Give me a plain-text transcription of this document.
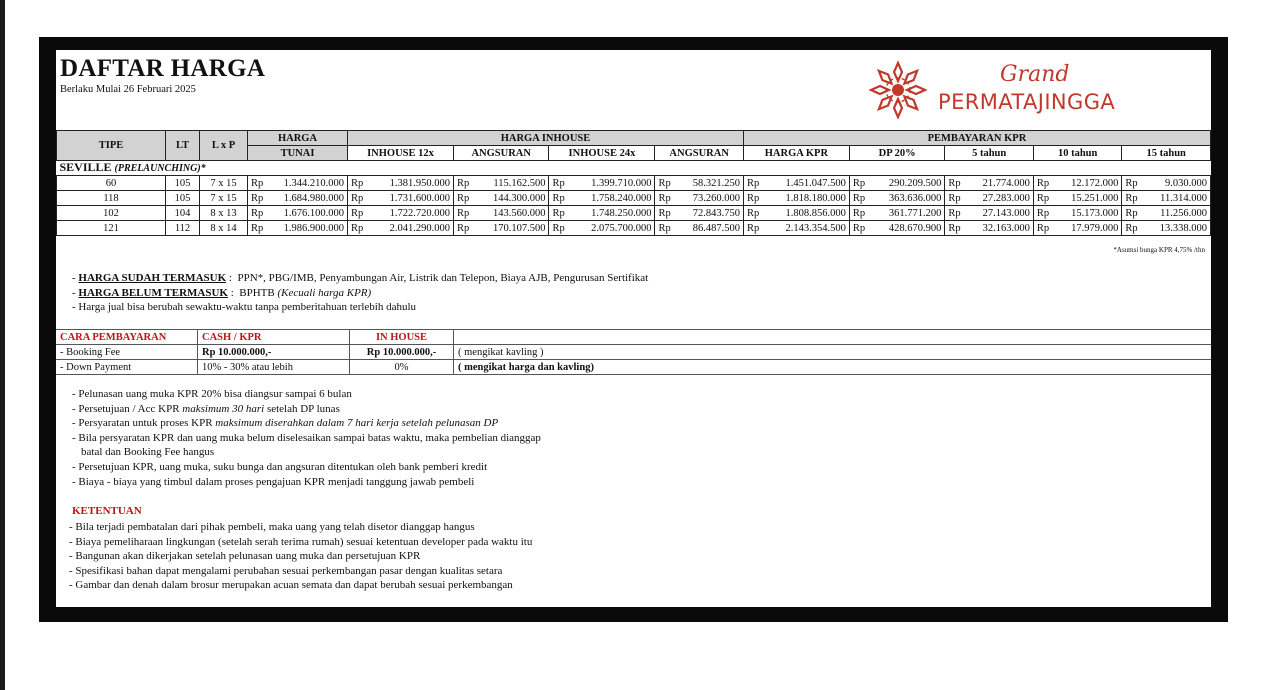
DAFTAR HARGA
Berlaku Mulai 26 Februari 2025
Grand
PERMATAJINGGA
TIPE	LT	L x P	HARGA	HARGA INHOUSE				PEMBAYARAN KPR				
			TUNAI	INHOUSE 12x	ANGSURAN	INHOUSE 24x	ANGSURAN	HARGA KPR	DP 20%	5 tahun	10 tahun	15 tahun
SEVILLE (PRELAUNCHING)*												
60	105	7 x 15	Rp 1.344.210.000	Rp 1.381.950.000	Rp 115.162.500	Rp 1.399.710.000	Rp 58.321.250	Rp 1.451.047.500	Rp 290.209.500	Rp 21.774.000	Rp 12.172.000	Rp 9.030.000

118	105	7 x 15	Rp 1.684.980.000	Rp 1.731.600.000	Rp 144.300.000	Rp 1.758.240.000	Rp 73.260.000	Rp 1.818.180.000	Rp 363.636.000	Rp 27.283.000	Rp 15.251.000	Rp 11.314.000

102	104	8 x 13	Rp 1.676.100.000	Rp 1.722.720.000	Rp 143.560.000	Rp 1.748.250.000	Rp 72.843.750	Rp 1.808.856.000	Rp 361.771.200	Rp 27.143.000	Rp 15.173.000	Rp 11.256.000

121	112	8 x 14	Rp 1.986.900.000	Rp 2.041.290.000	Rp 170.107.500	Rp 2.075.700.000	Rp 86.487.500	Rp 2.143.354.500	Rp 428.670.900	Rp 32.163.000	Rp 17.979.000	Rp 13.338.000
*Asumsi bunga KPR 4,75% /thn
- HARGA SUDAH TERMASUK :  PPN*, PBG/IMB, Penyambungan Air, Listrik dan Telepon, Biaya AJB, Pengurusan Sertifikat
- HARGA BELUM TERMASUK :  BPHTB (Kecuali harga KPR)
- Harga jual bisa berubah sewaktu-waktu tanpa pemberitahuan terlebih dahulu
CARA PEMBAYARAN	CASH / KPR	IN HOUSE	
- Booking Fee	Rp 10.000.000,-	Rp 10.000.000,-	( mengikat kavling )
- Down Payment	10% - 30% atau lebih	0%	( mengikat harga dan kavling)
- Pelunasan uang muka KPR 20% bisa diangsur sampai 6 bulan
- Persetujuan / Acc KPR maksimum 30 hari setelah DP lunas
- Persyaratan untuk proses KPR maksimum diserahkan dalam 7 hari kerja setelah pelunasan DP
- Bila persyaratan KPR dan uang muka belum diselesaikan sampai batas waktu, maka pembelian dianggap
batal dan Booking Fee hangus
- Persetujuan KPR, uang muka, suku bunga dan angsuran ditentukan oleh bank pemberi kredit
- Biaya - biaya yang timbul dalam proses pengajuan KPR menjadi tanggung jawab pembeli
KETENTUAN
- Bila terjadi pembatalan dari pihak pembeli, maka uang yang telah disetor dianggap hangus
- Biaya pemeliharaan lingkungan (setelah serah terima rumah) sesuai ketentuan developer pada waktu itu
- Bangunan akan dikerjakan setelah pelunasan uang muka dan persetujuan KPR
- Spesifikasi bahan dapat mengalami perubahan sesuai perkembangan pasar dengan kualitas setara
- Gambar dan denah dalam brosur merupakan acuan semata dan dapat berubah sesuai perkembangan
